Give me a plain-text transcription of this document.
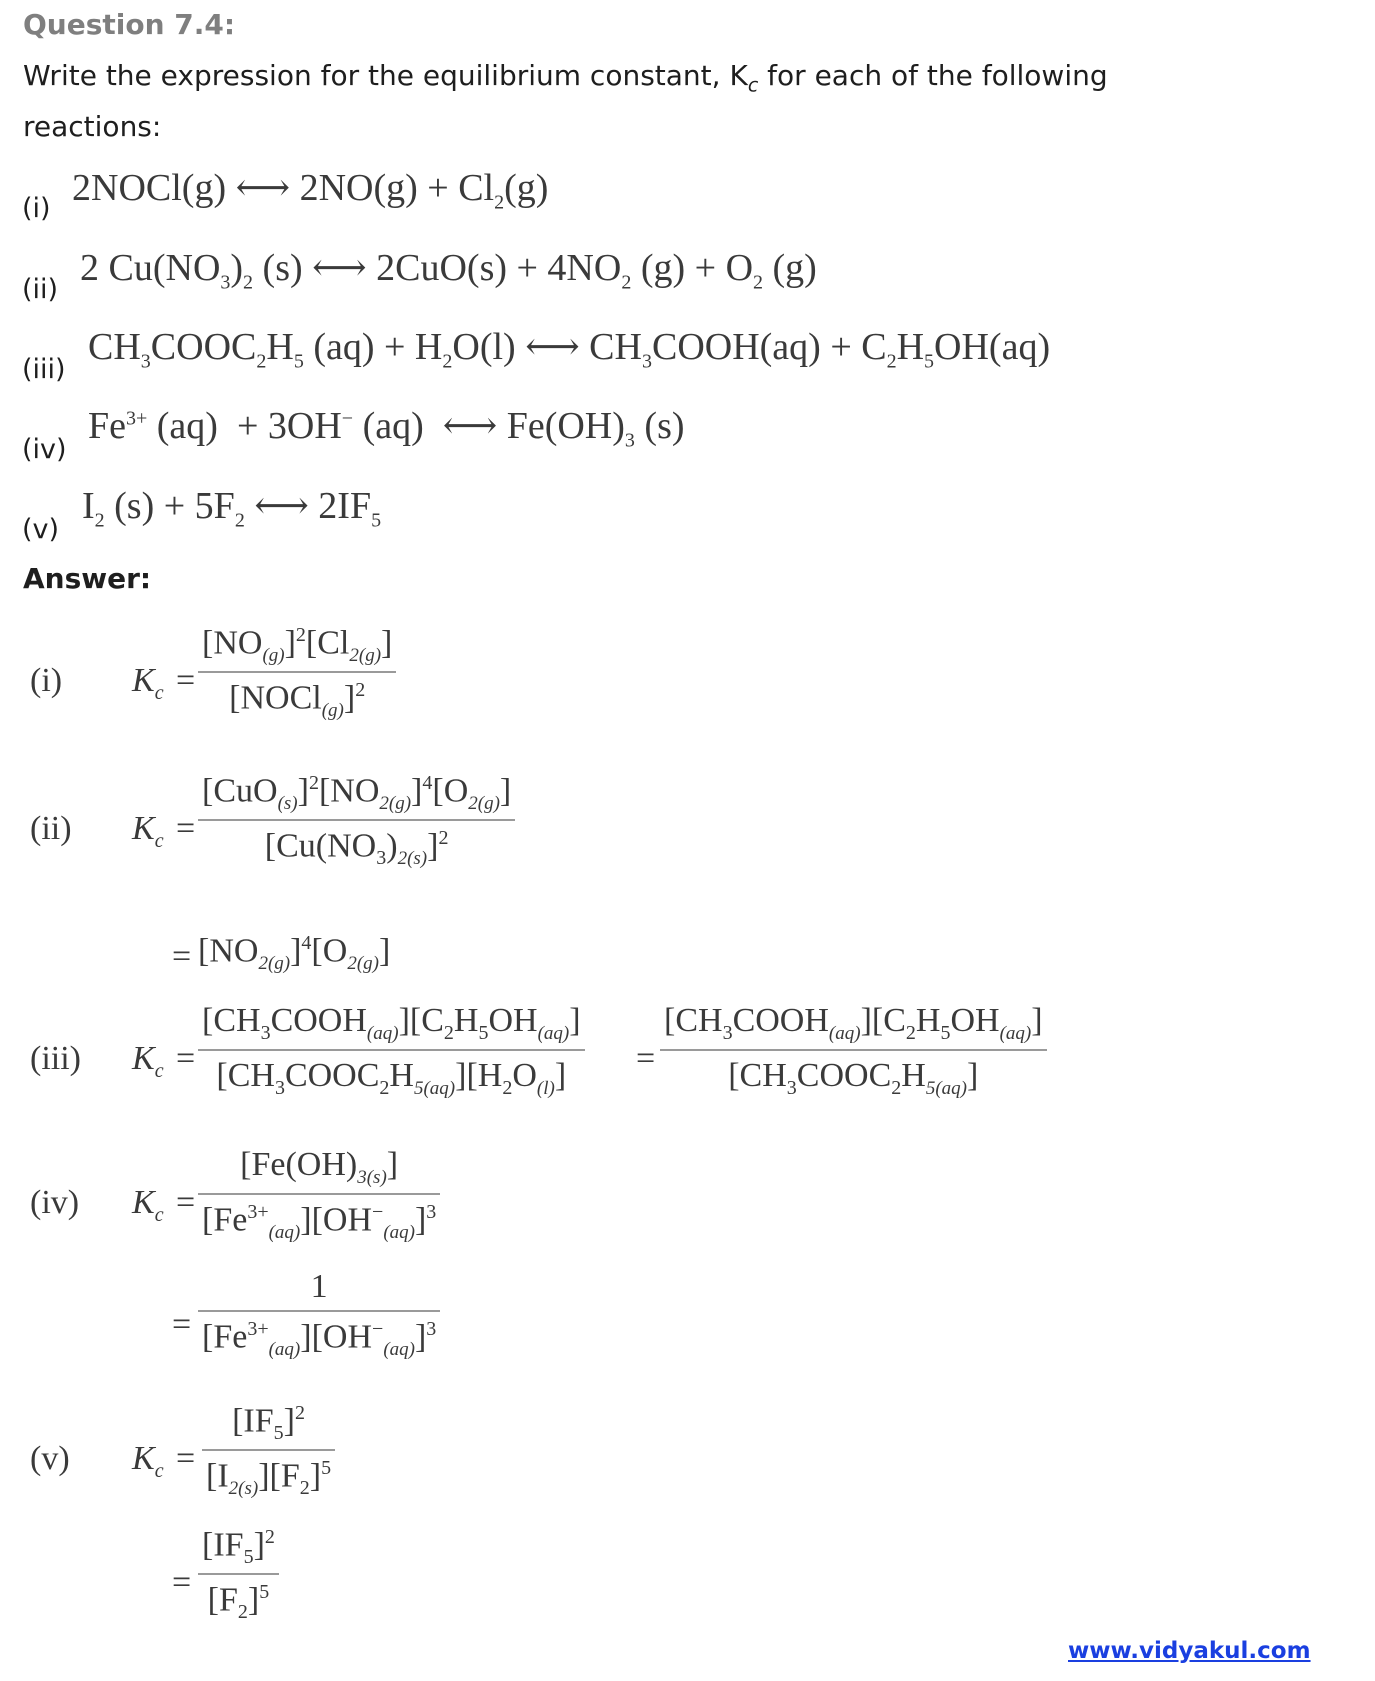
Question 7.4:
Write the expression for the equilibrium constant, $K_c$ for each of the following
reactions:
(i)
(ii)
(iii)
(iv)
(v)
2NOCl(g) ⟷ $2NO(g) + Cl_2(g)$
2 $Cu(NO_3)_2$ (s) ⟷ $2CuO(s) + 4NO_2$ $(g) + O_2$ (g)
$CH_3COOC_2H_5$ $(aq) + H_2O(l)$ ⟷ $CH_3COOH(aq) + C_2H_5OH(aq)$
$Fe^{3+}$ (aq)  + 3OH− (aq)  ⟷ $Fe(OH)_3$ (s)
$I_2$ $(s) + 5F_2$ ⟷ $2IF_5$
Answer:
(i) $K_c$ =
$[NO_{(g)}]^2[Cl_{2(g)}]$
[NOCl$_{(g)}$]$^2$
(ii) $K_c$ =
$[CuO_{(s)}]^2[NO_{2(g)}]^4[O_{2(g)}]$
$[Cu(NO_3)_{2(s)}]^2$
= $[NO_{2(g)}]^4[O_{2(g)}]$
(iii) $K_c$ =
$[CH_3COOH_{(aq)}][C_2H_5OH_{(aq)}]$
$[CH_3COOC_2H_{5(aq)}][H_2O_{(l)}]$ =
$[CH_3COOH_{(aq)}][C_2H_5OH_{(aq)}]$
$[CH_3COOC_2H_{5(aq)}]$
(iv) $K_c$ =
$[Fe(OH)_{3(s)}]$
$[Fe^{3+}_{(aq)}][OH^-_{(aq)}]^3$
=
1
$[Fe^{3+}_{(aq)}][OH^-_{(aq)}]^3$
(v) $K_c$ =
$[IF_5]^2$
$[I_{2(s)}][F_2]^5$
=
$[IF_5]^2$
$[F_2]^5$
www.vidyakul.com
